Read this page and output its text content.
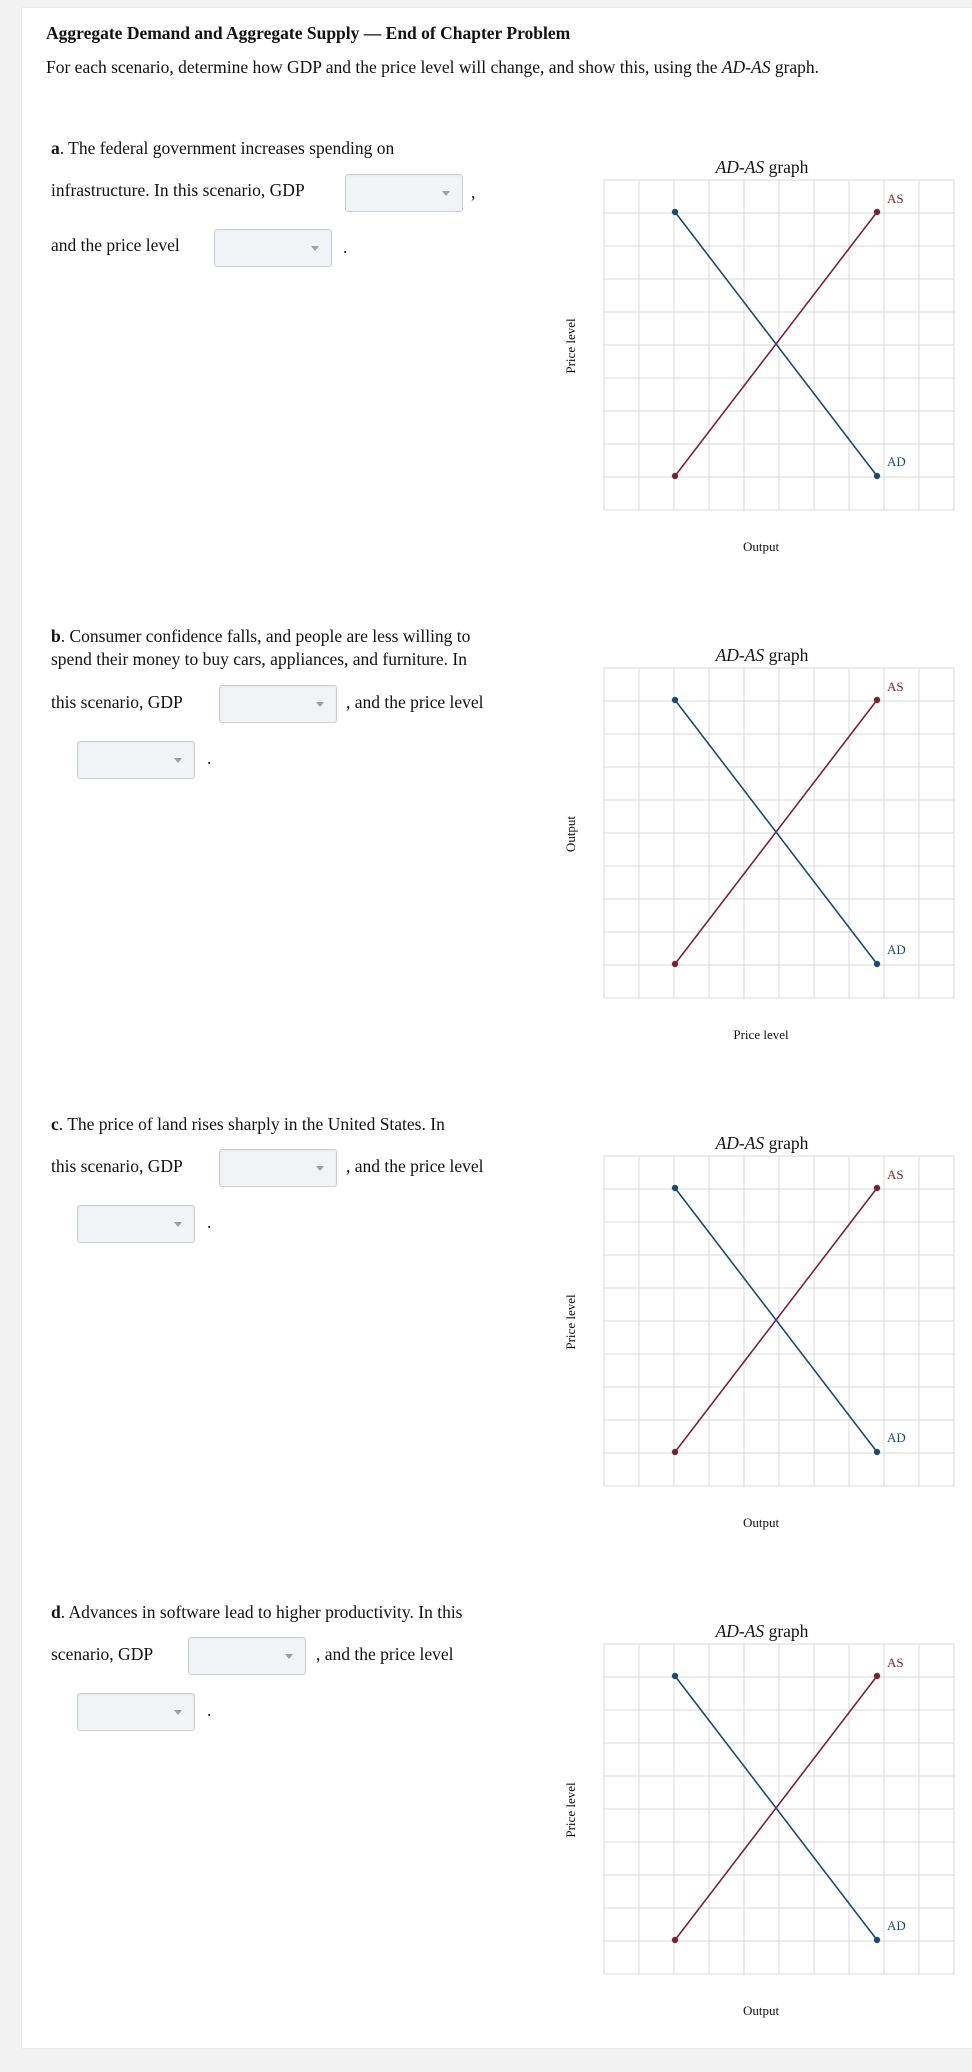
Aggregate Demand and Aggregate Supply — End of Chapter Problem

For each scenario, determine how GDP and the price level will change, and show this, using the AD-AS graph.

a. The federal government increases spending on
infrastructure. In this scenario, GDP	,
and the price level	.
AD-AS graph
AS
AD
Price level
Output
b. Consumer confidence falls, and people are less willing to
spend their money to buy cars, appliances, and furniture. In
this scenario, GDP	, and the price level
.
AD-AS graph
AS
AD
Output
Price level
c. The price of land rises sharply in the United States. In
this scenario, GDP	, and the price level
.
AD-AS graph
AS
AD
Price level
Output
d. Advances in software lead to higher productivity. In this
scenario, GDP	, and the price level
.
AD-AS graph
AS
AD
Price level
Output
